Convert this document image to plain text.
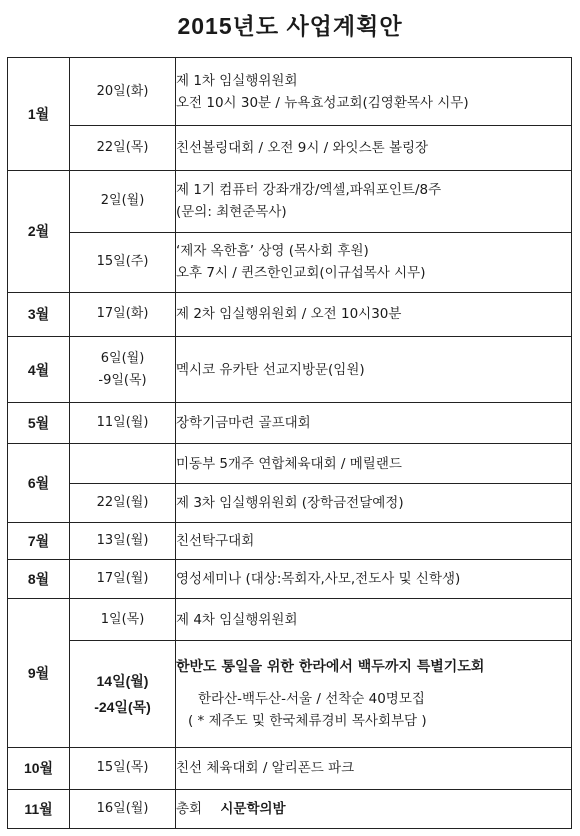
2015년도 사업계획안
1월	20일(화)	제 1차 임실행위원회
오전 10시 30분 / 뉴욕효성교회(김영환목사 시무)

	22일(목)	친선볼링대회 / 오전 9시 / 와잇스톤 볼링장

2월	2일(월)	제 1기 컴퓨터 강좌개강/엑셀,파워포인트/8주
(문의: 최현준목사)

	15일(주)	‘제자 옥한흠’ 상영 (목사회 후원)
오후 7시 / 퀸즈한인교회(이규섭목사 시무)

3월	17일(화)	제 2차 임실행위원회 / 오전 10시30분

4월	6일(월)
-9일(목)	멕시코 유카탄 선교지방문(임원)

5월	11일(월)	장학기금마련 골프대회

6월		미동부 5개주 연합체육대회 / 메릴랜드

	22일(월)	제 3차 임실행위원회 (장학금전달예정)

7월	13일(월)	친선탁구대회

8월	17일(월)	영성세미나 (대상:목회자,사모,전도사 및 신학생)

9월	1일(목)	제 4차 임실행위원회

	14일(월)
-24일(목)	한반도 통일을 위한 한라에서 백두까지 특별기도회
한라산-백두산-서울 / 선착순 40명모집
( * 제주도 및 한국체류경비 목사회부담 )

10월	15일(목)	친선 체육대회 / 알리폰드 파크

11월	16일(월)	총회 시문학의밤
